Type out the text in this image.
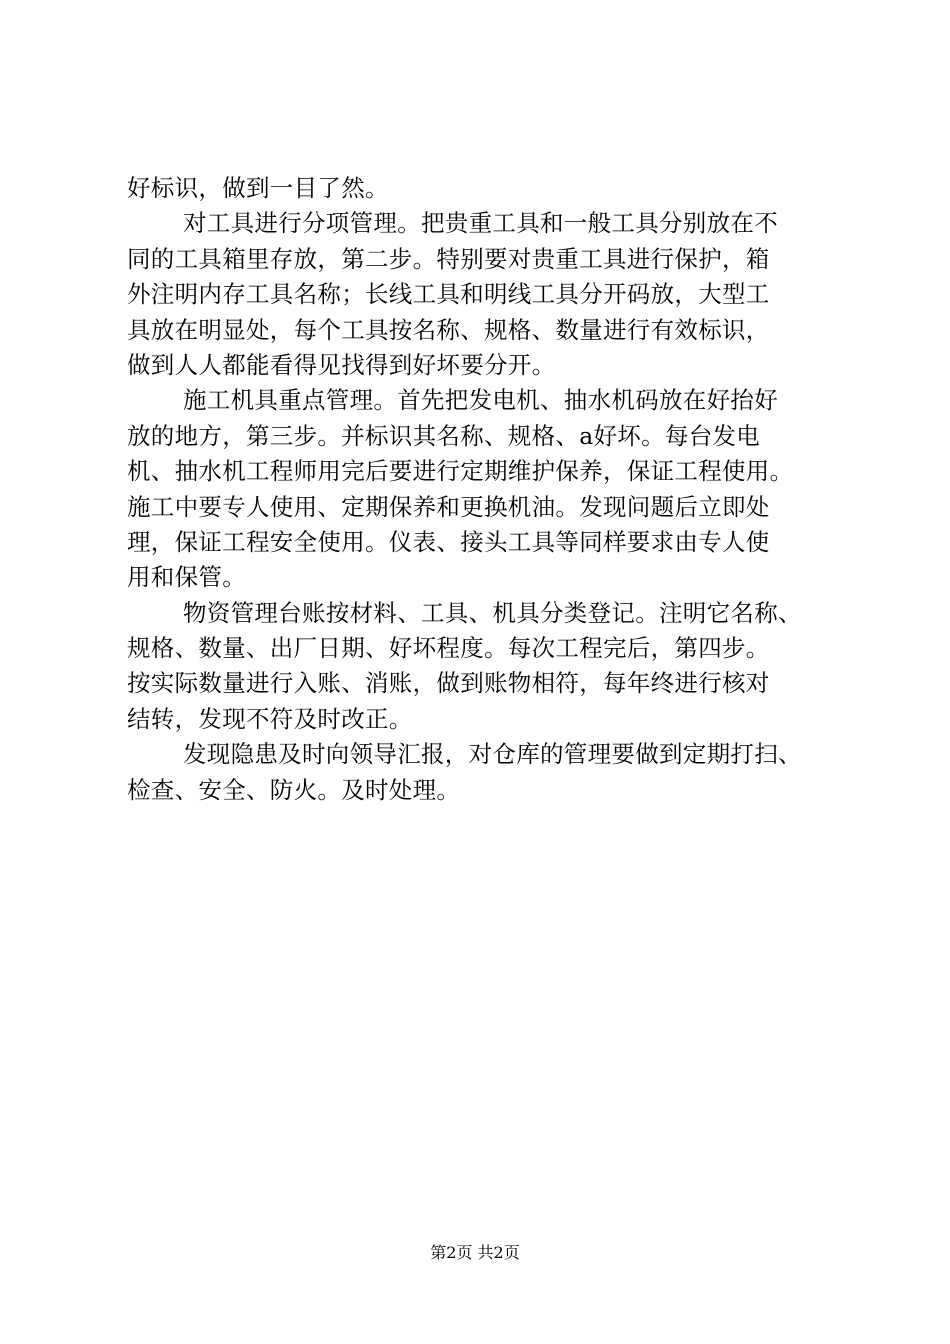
好标识，做到一目了然。
对工具进行分项管理。把贵重工具和一般工具分别放在不
同的工具箱里存放，第二步。特别要对贵重工具进行保护，箱
外注明内存工具名称；长线工具和明线工具分开码放，大型工
具放在明显处，每个工具按名称、规格、数量进行有效标识，
做到人人都能看得见找得到好坏要分开。
施工机具重点管理。首先把发电机、抽水机码放在好抬好
放的地方，第三步。并标识其名称、规格、a好坏。每台发电
机、抽水机工程师用完后要进行定期维护保养，保证工程使用。
施工中要专人使用、定期保养和更换机油。发现问题后立即处
理，保证工程安全使用。仪表、接头工具等同样要求由专人使
用和保管。
物资管理台账按材料、工具、机具分类登记。注明它名称、
规格、数量、出厂日期、好坏程度。每次工程完后，第四步。
按实际数量进行入账、消账，做到账物相符，每年终进行核对
结转，发现不符及时改正。
发现隐患及时向领导汇报，对仓库的管理要做到定期打扫、
检查、安全、防火。及时处理。
第2页 共2页
